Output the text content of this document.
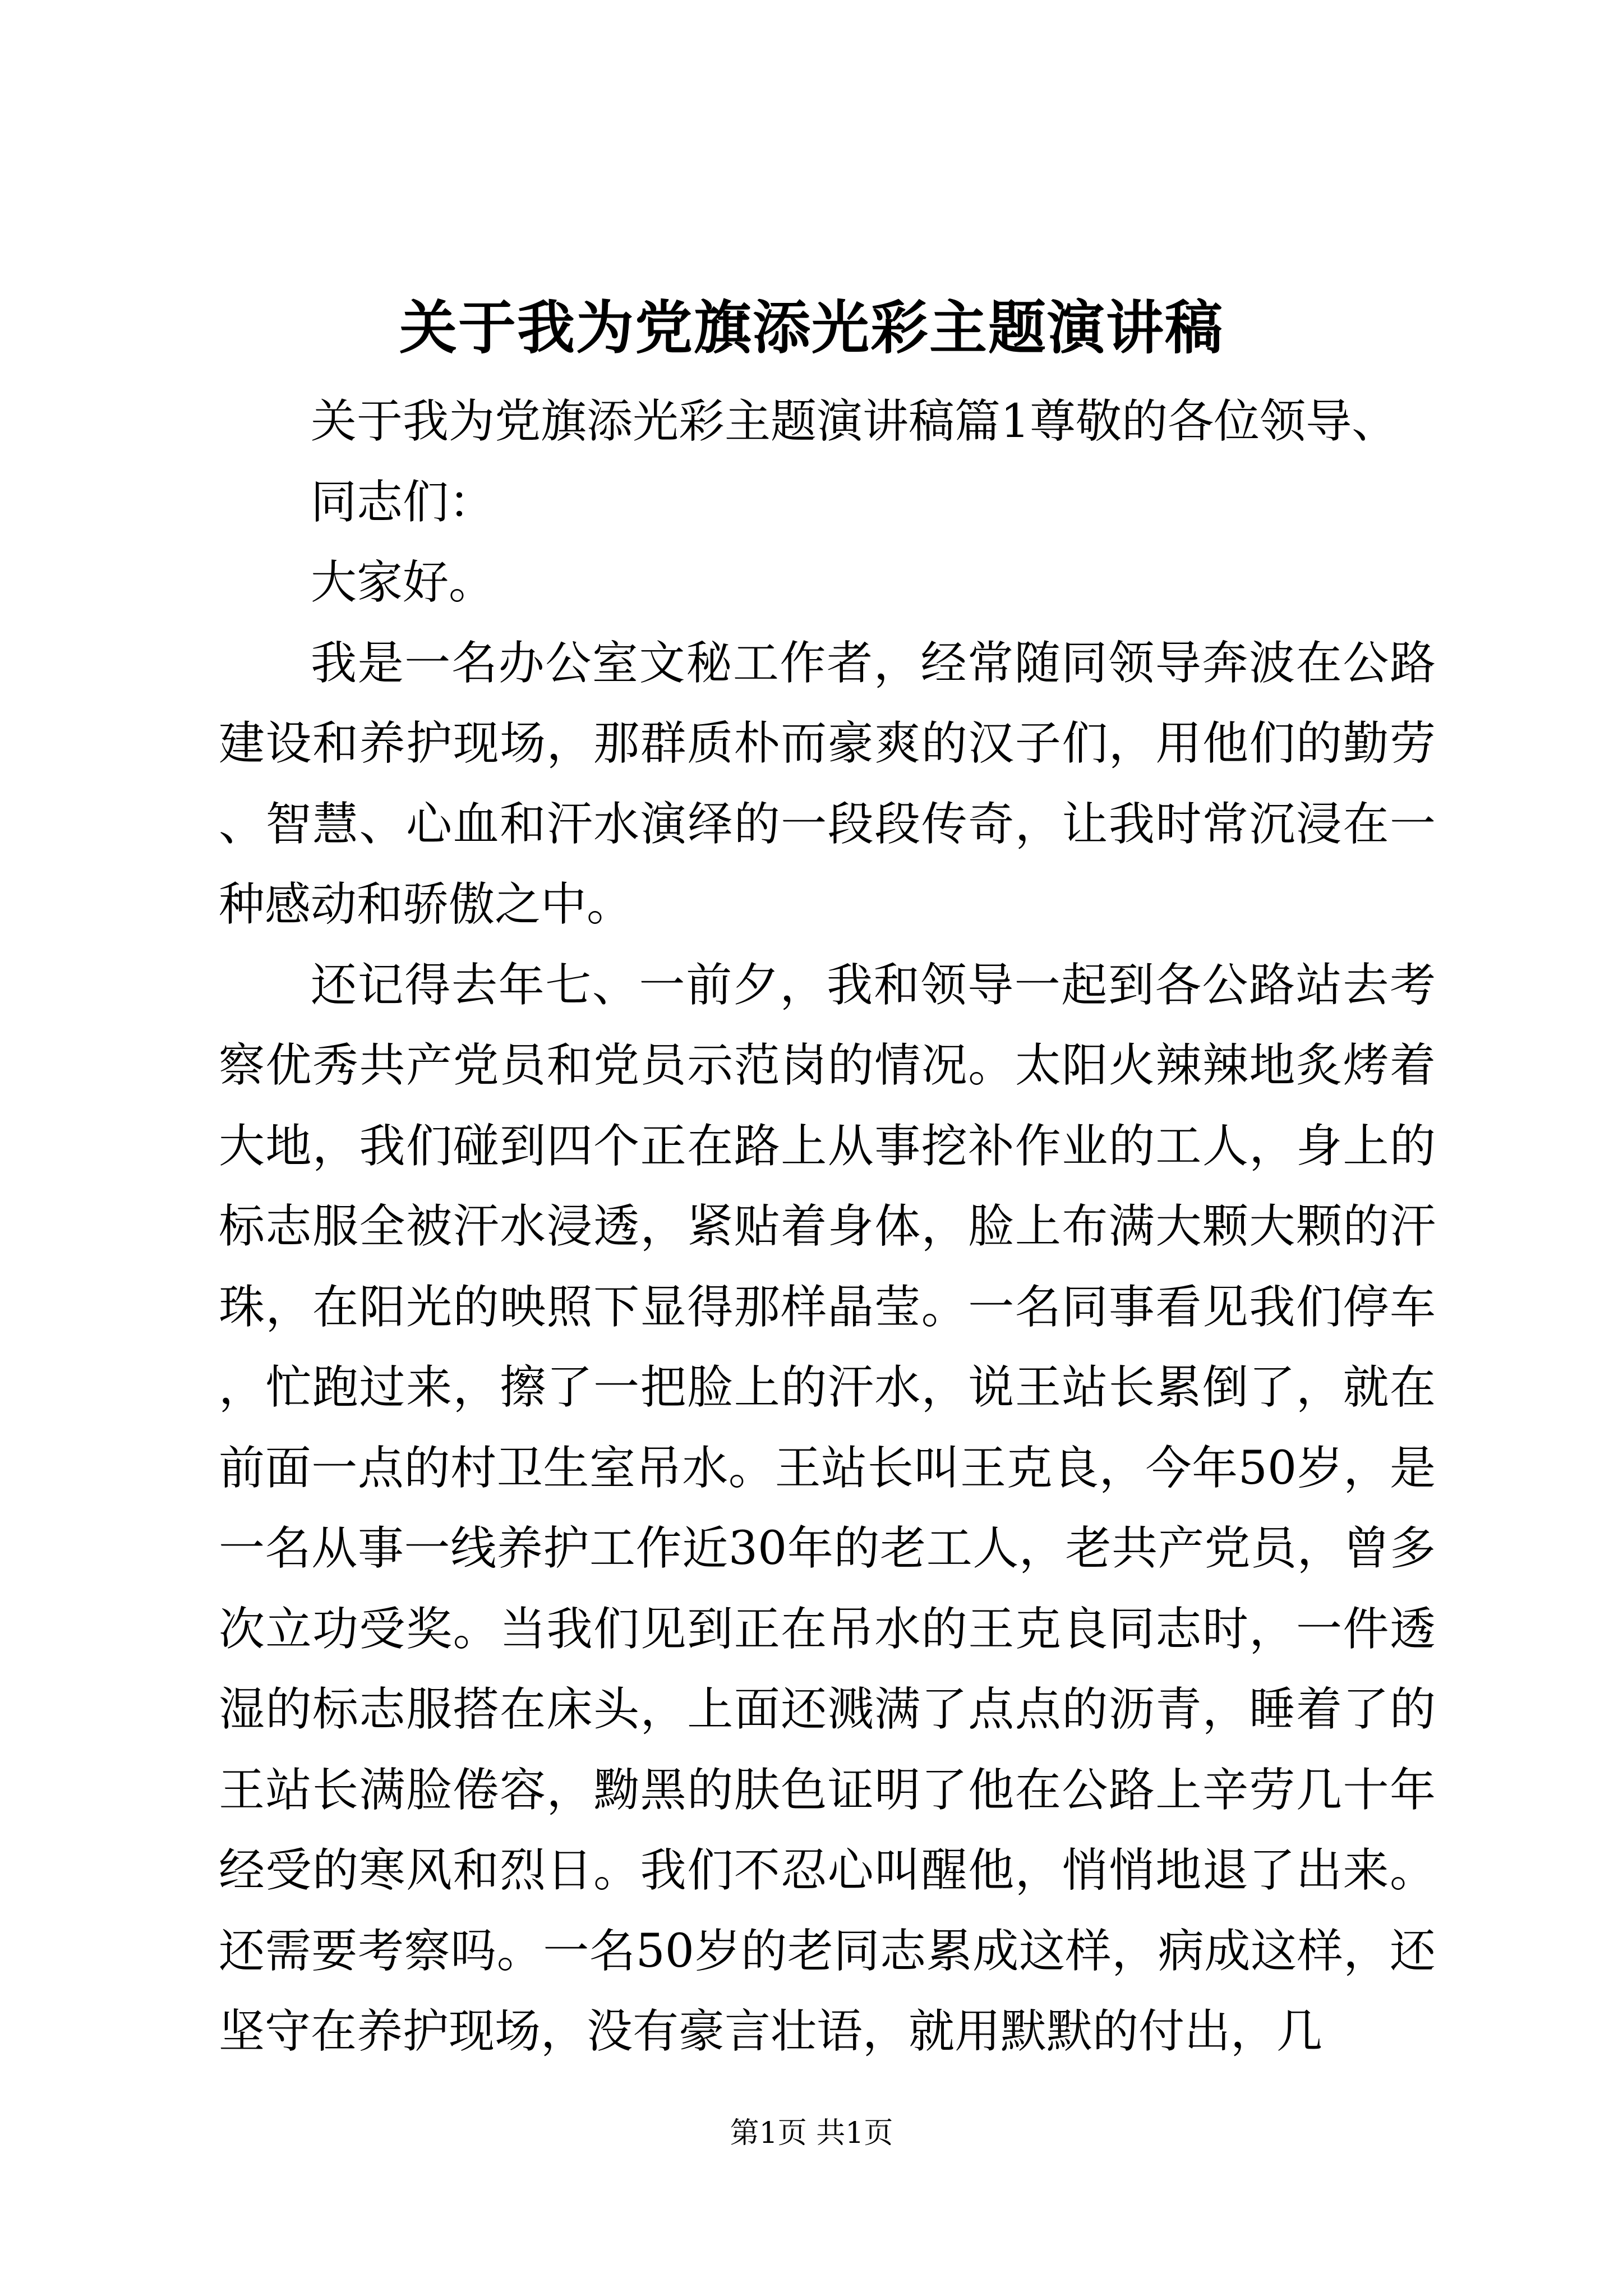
关于我为党旗添光彩主题演讲稿

关于我为党旗添光彩主题演讲稿篇1尊敬的各位领导、

同志们：

大家好。

我是一名办公室文秘工作者，经常随同领导奔波在公路建设和养护现场，那群质朴而豪爽的汉子们，用他们的勤劳、智慧、心血和汗水演绎的一段段传奇，让我时常沉浸在一种感动和骄傲之中。

还记得去年七、一前夕，我和领导一起到各公路站去考察优秀共产党员和党员示范岗的情况。太阳火辣辣地炙烤着大地，我们碰到四个正在路上从事挖补作业的工人，身上的标志服全被汗水浸透，紧贴着身体，脸上布满大颗大颗的汗珠，在阳光的映照下显得那样晶莹。一名同事看见我们停车，忙跑过来，擦了一把脸上的汗水，说王站长累倒了，就在前面一点的村卫生室吊水。王站长叫王克良，今年50岁，是一名从事一线养护工作近30年的老工人，老共产党员，曾多次立功受奖。当我们见到正在吊水的王克良同志时，一件透湿的标志服搭在床头，上面还溅满了点点的沥青，睡着了的王站长满脸倦容，黝黑的肤色证明了他在公路上辛劳几十年经受的寒风和烈日。我们不忍心叫醒他，悄悄地退了出来。还需要考察吗。一名50岁的老同志累成这样，病成这样，还坚守在养护现场，没有豪言壮语，就用默默的付出，几

第1页 共1页
